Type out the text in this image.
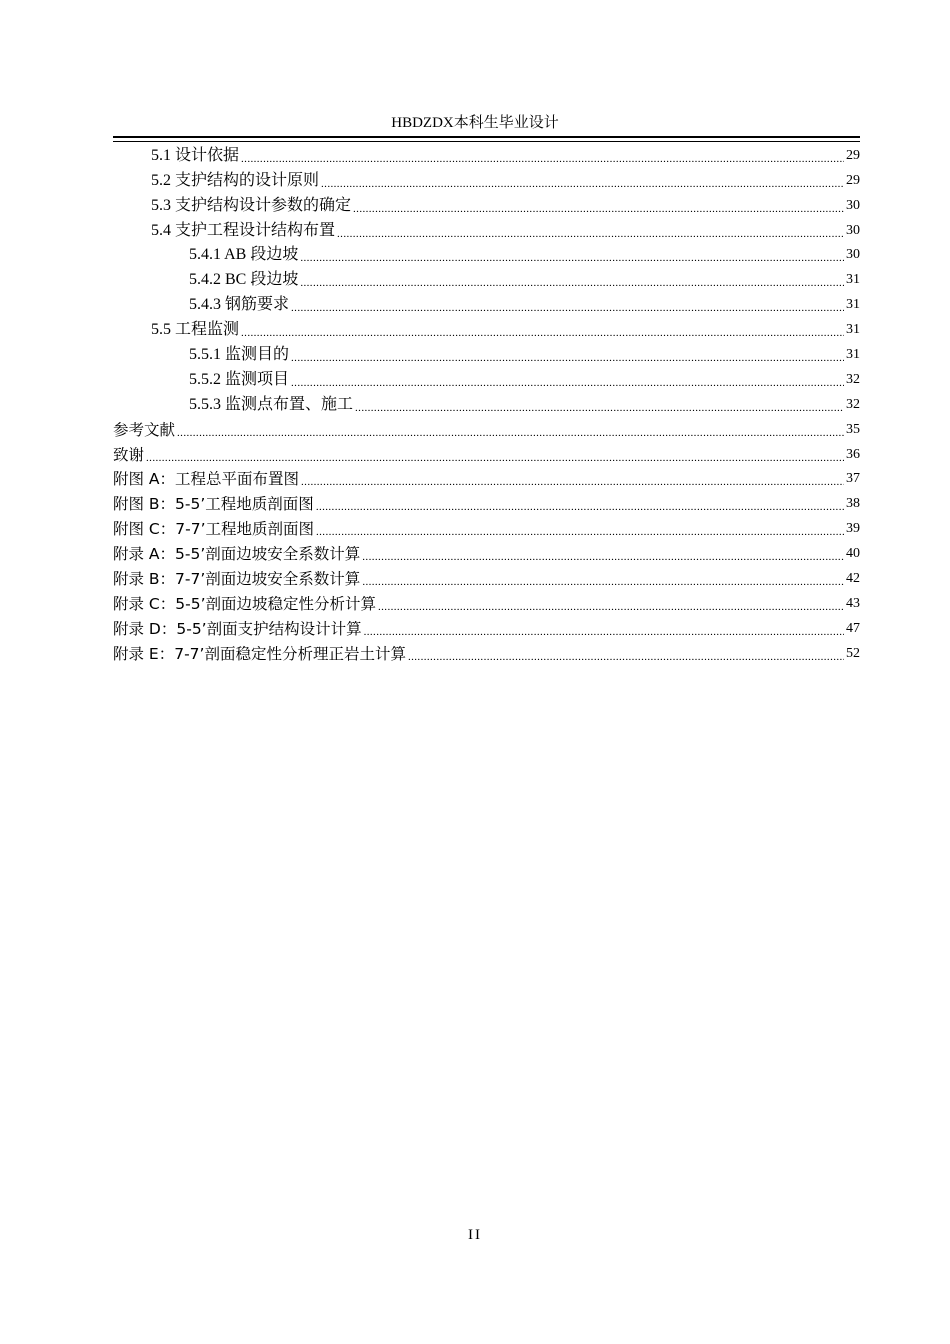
HBDZDX本科生毕业设计
5.1 设计依据 .....	29
5.2 支护结构的设计原则 .....	29
5.3 支护结构设计参数的确定 .....	30
5.4 支护工程设计结构布置 .....	30
5.4.1 AB 段边坡 .....	30
5.4.2 BC 段边坡 .....	31
5.4.3 钢筋要求 .....	31
5.5 工程监测 .....	31
5.5.1 监测目的 .....	31
5.5.2 监测项目 .....	32
5.5.3 监测点布置、施工 .....	32
参考文献 .....	35
致谢 .....	36
附图 A：工程总平面布置图 .....	37
附图 B：5-5’工程地质剖面图 .....	38
附图 C：7-7’工程地质剖面图 .....	39
附录 A：5-5’剖面边坡安全系数计算 .....	40
附录 B：7-7’剖面边坡安全系数计算 .....	42
附录 C：5-5’剖面边坡稳定性分析计算 .....	43
附录 D：5-5’剖面支护结构设计计算 .....	47
附录 E：7-7’剖面稳定性分析理正岩土计算 .....	52
II
